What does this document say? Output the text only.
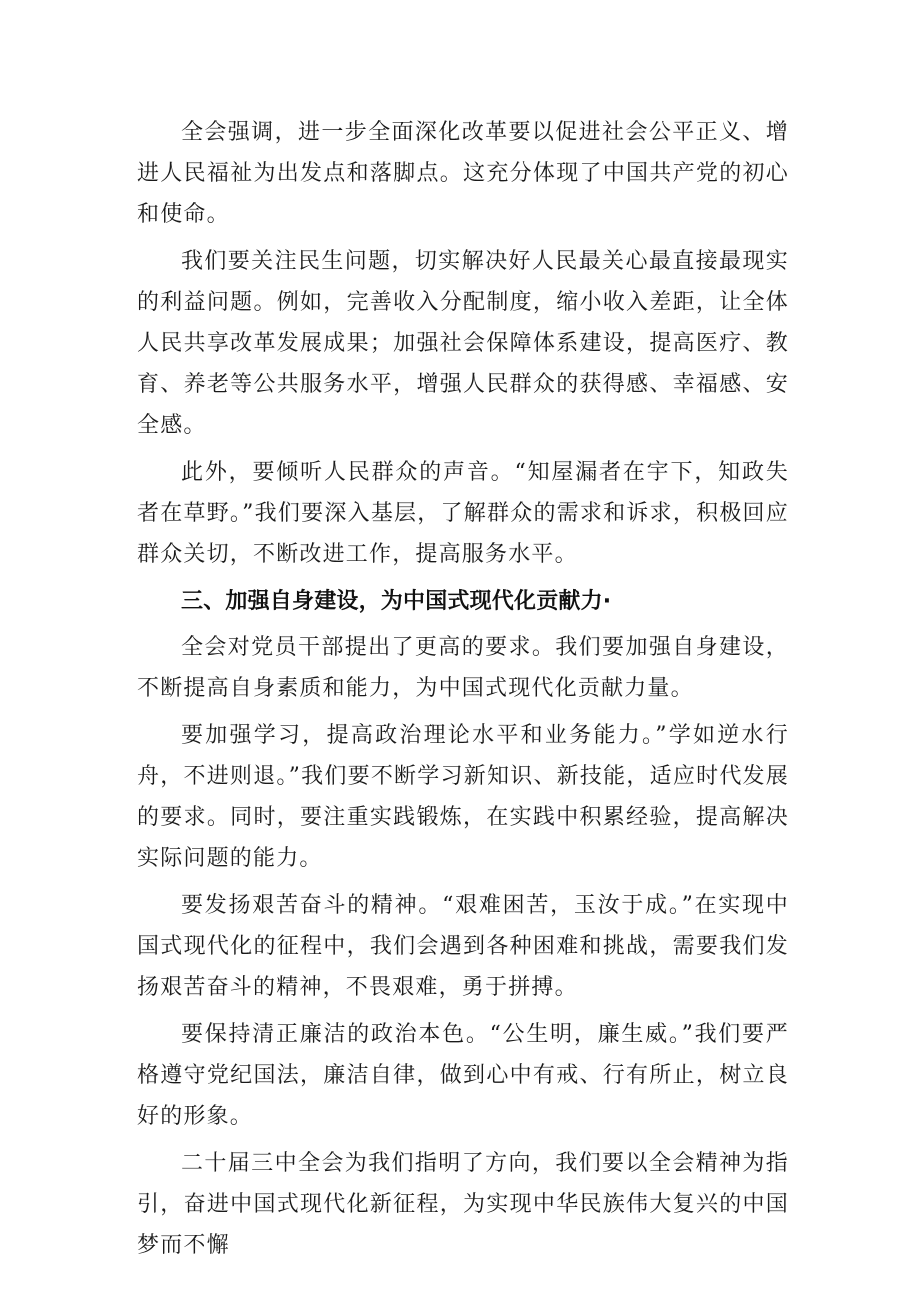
全会强调，进一步全面深化改革要以促进社会公平正义、增进人民福祉为出发点和落脚点。这充分体现了中国共产党的初心和使命。

我们要关注民生问题，切实解决好人民最关心最直接最现实的利益问题。例如，完善收入分配制度，缩小收入差距，让全体人民共享改革发展成果；加强社会保障体系建设，提高医疗、教育、养老等公共服务水平，增强人民群众的获得感、幸福感、安全感。

此外，要倾听人民群众的声音。“知屋漏者在宇下，知政失者在草野。”我们要深入基层，了解群众的需求和诉求，积极回应群众关切，不断改进工作，提高服务水平。

三、加强自身建设，为中国式现代化贡献力·

全会对党员干部提出了更高的要求。我们要加强自身建设，不断提高自身素质和能力，为中国式现代化贡献力量。

要加强学习，提高政治理论水平和业务能力。”学如逆水行舟，不进则退。”我们要不断学习新知识、新技能，适应时代发展的要求。同时，要注重实践锻炼，在实践中积累经验，提高解决实际问题的能力。

要发扬艰苦奋斗的精神。“艰难困苦，玉汝于成。”在实现中国式现代化的征程中，我们会遇到各种困难和挑战，需要我们发扬艰苦奋斗的精神，不畏艰难，勇于拼搏。

要保持清正廉洁的政治本色。“公生明，廉生威。”我们要严格遵守党纪国法，廉洁自律，做到心中有戒、行有所止，树立良好的形象。

二十届三中全会为我们指明了方向，我们要以全会精神为指引，奋进中国式现代化新征程，为实现中华民族伟大复兴的中国梦而不懈
